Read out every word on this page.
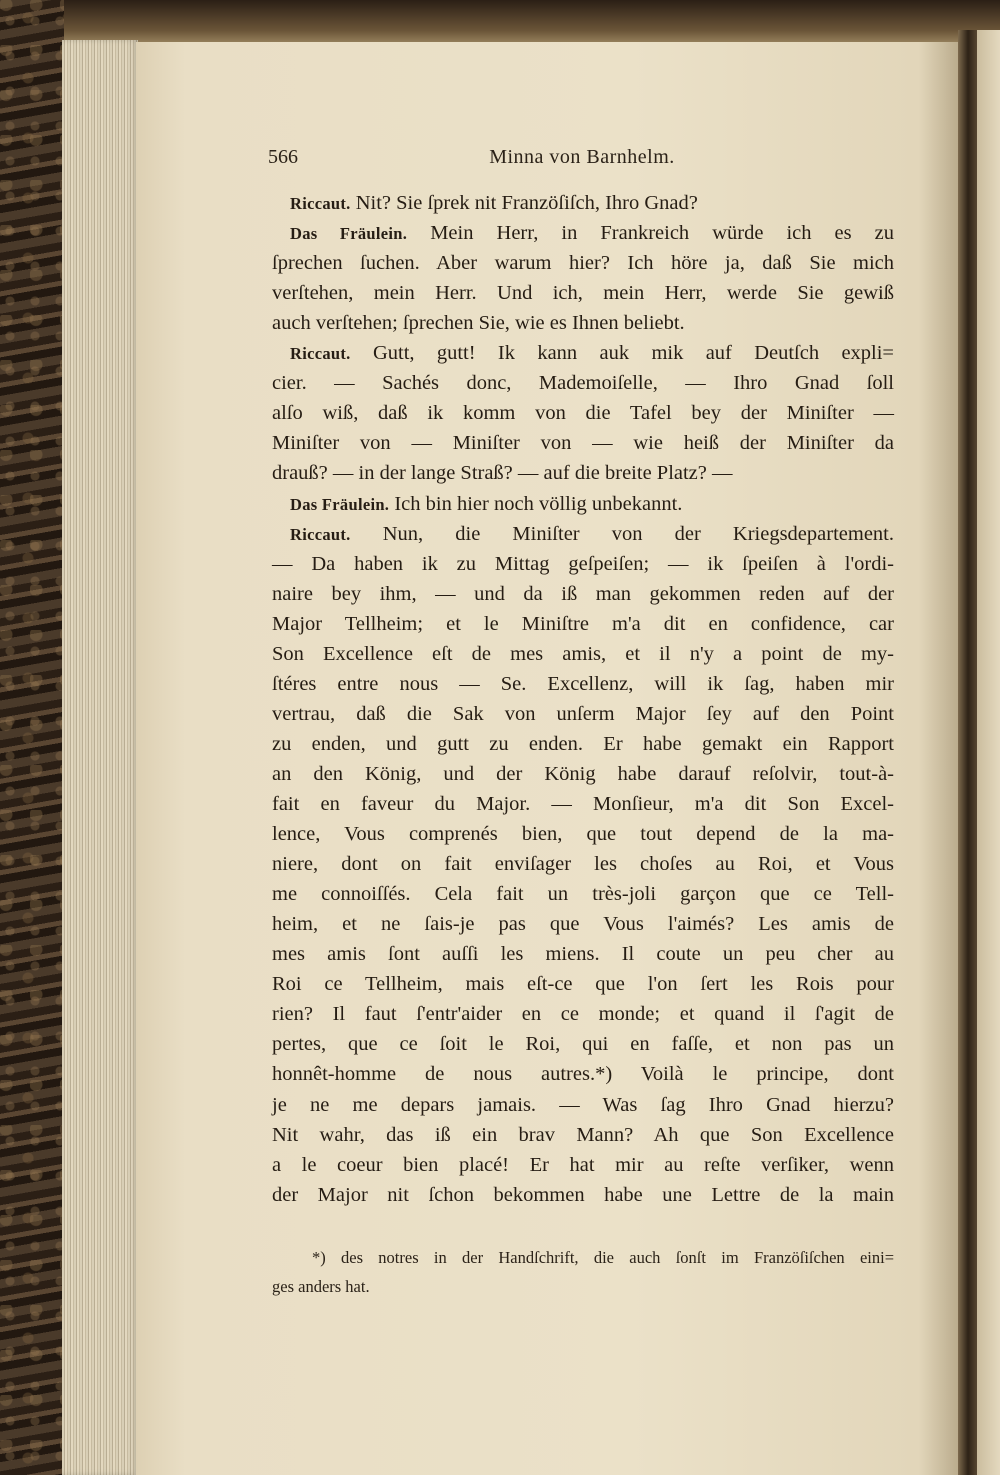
566	Minna von Barnhelm.
Riccaut. Nit? Sie ſprek nit Franzöſiſch, Ihro Gnad?
Das Fräulein. Mein Herr, in Frankreich würde ich es zu
ſprechen ſuchen. Aber warum hier? Ich höre ja, daß Sie mich
verſtehen, mein Herr. Und ich, mein Herr, werde Sie gewiß
auch verſtehen; ſprechen Sie, wie es Ihnen beliebt.
Riccaut. Gutt, gutt! Ik kann auk mik auf Deutſch expli=
cier. — Sachés donc, Mademoiſelle, — Ihro Gnad ſoll
alſo wiß, daß ik komm von die Tafel bey der Miniſter —
Miniſter von — Miniſter von — wie heiß der Miniſter da
drauß? — in der lange Straß? — auf die breite Platz? —
Das Fräulein. Ich bin hier noch völlig unbekannt.
Riccaut. Nun, die Miniſter von der Kriegsdepartement.
— Da haben ik zu Mittag geſpeiſen; — ik ſpeiſen à l'ordi-
naire bey ihm, — und da iß man gekommen reden auf der
Major Tellheim; et le Miniſtre m'a dit en confidence, car
Son Excellence eſt de mes amis, et il n'y a point de my-
ſtéres entre nous — Se. Excellenz, will ik ſag, haben mir
vertrau, daß die Sak von unſerm Major ſey auf den Point
zu enden, und gutt zu enden. Er habe gemakt ein Rapport
an den König, und der König habe darauf reſolvir, tout-à-
fait en faveur du Major. — Monſieur, m'a dit Son Excel-
lence, Vous comprenés bien, que tout depend de la ma-
niere, dont on fait enviſager les choſes au Roi, et Vous
me connoiſſés. Cela fait un très-joli garçon que ce Tell-
heim, et ne ſais-je pas que Vous l'aimés? Les amis de
mes amis ſont auſſi les miens. Il coute un peu cher au
Roi ce Tellheim, mais eſt-ce que l'on ſert les Rois pour
rien? Il faut ſ'entr'aider en ce monde; et quand il ſ'agit de
pertes, que ce ſoit le Roi, qui en faſſe, et non pas un
honnêt-homme de nous autres.*) Voilà le principe, dont
je ne me depars jamais. — Was ſag Ihro Gnad hierzu?
Nit wahr, das iß ein brav Mann? Ah que Son Excellence
a le coeur bien placé! Er hat mir au reſte verſiker, wenn
der Major nit ſchon bekommen habe une Lettre de la main
*) des notres in der Handſchrift, die auch ſonſt im Franzöſiſchen eini=
ges anders hat.
